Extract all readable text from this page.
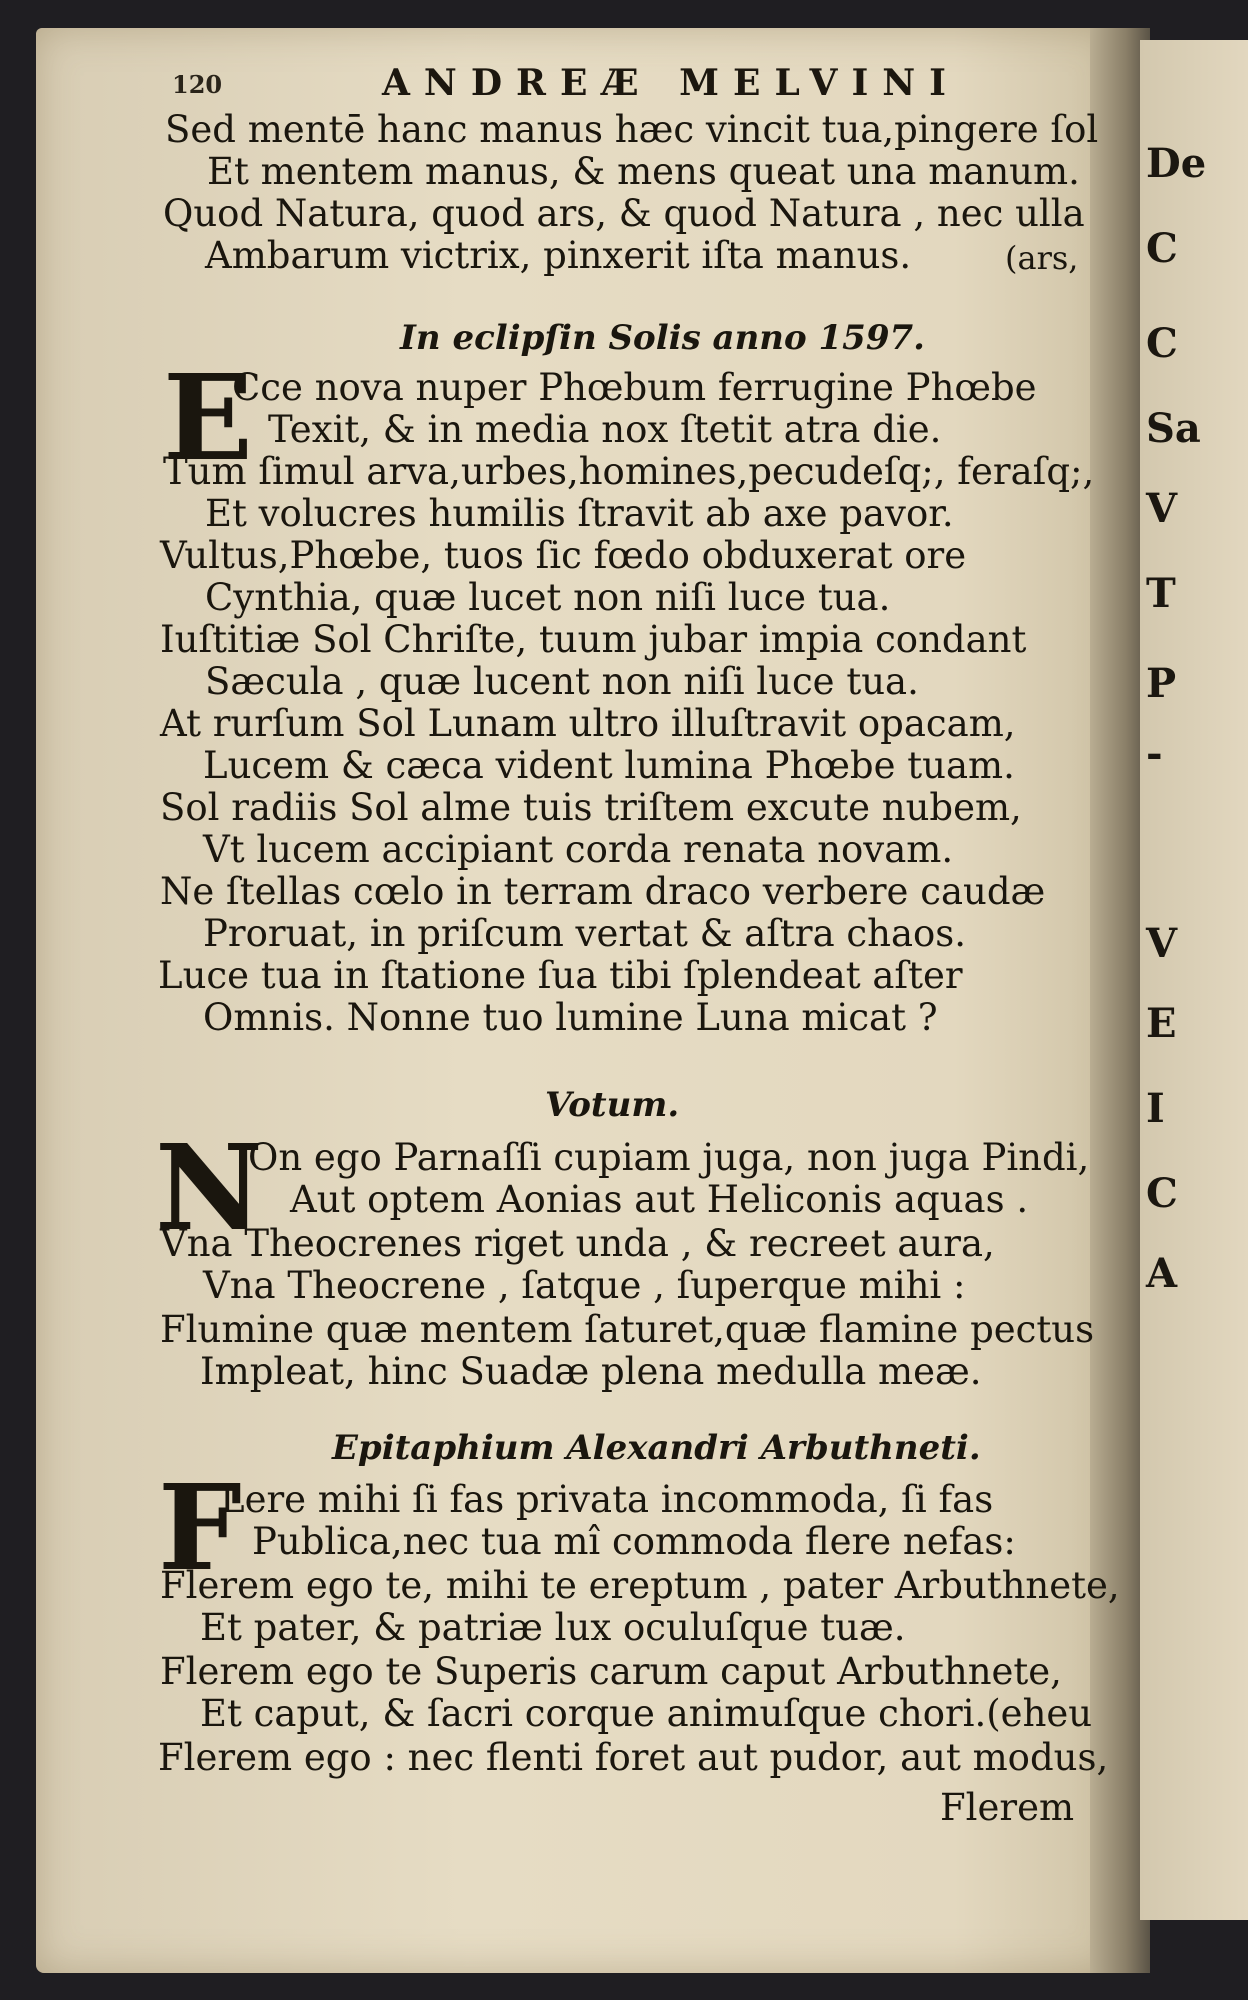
De
C
C
Sa
V
T
P
-
V
E
I
C
A
120	ANDREÆ MELVINI
Sed mentē hanc manus hæc vincit tua,pingere ſol
Et mentem manus, & mens queat una manum.
Quod Natura, quod ars, & quod Natura , nec ulla
Ambarum victrix, pinxerit iſta manus.	(ars,
In eclipſin Solis anno 1597.
E
Cce nova nuper Phœbum ferrugine Phœbe
Texit, & in media nox ſtetit atra die.
Tum ſimul arva,urbes,homines,pecudeſq;, feraſq;,
Et volucres humilis ſtravit ab axe pavor.
Vultus,Phœbe, tuos ſic fœdo obduxerat ore
Cynthia, quæ lucet non niſi luce tua.
Iuſtitiæ Sol Chriſte, tuum jubar impia condant
Sæcula , quæ lucent non niſi luce tua.
At rurſum Sol Lunam ultro illuſtravit opacam,
Lucem & cæca vident lumina Phœbe tuam.
Sol radiis Sol alme tuis triſtem excute nubem,
Vt lucem accipiant corda renata novam.
Ne ſtellas cœlo in terram draco verbere caudæ
Proruat, in priſcum vertat & aſtra chaos.
Luce tua in ſtatione ſua tibi ſplendeat aſter
Omnis. Nonne tuo lumine Luna micat ?
Votum.
N
On ego Parnaſſi cupiam juga, non juga Pindi,
Aut optem Aonias aut Heliconis aquas .
Vna Theocrenes riget unda , & recreet aura,
Vna Theocrene , ſatque , ſuperque mihi :
Flumine quæ mentem ſaturet,quæ flamine pectus
Impleat, hinc Suadæ plena medulla meæ.
Epitaphium Alexandri Arbuthneti.
F
Lere mihi ſi fas privata incommoda, ſi fas
Publica,nec tua mî commoda flere nefas:
Flerem ego te, mihi te ereptum , pater Arbuthnete,
Et pater, & patriæ lux oculuſque tuæ.
Flerem ego te Superis carum caput Arbuthnete,
Et caput, & ſacri corque animuſque chori.(eheu
Flerem ego : nec flenti foret aut pudor, aut modus,
Flerem
